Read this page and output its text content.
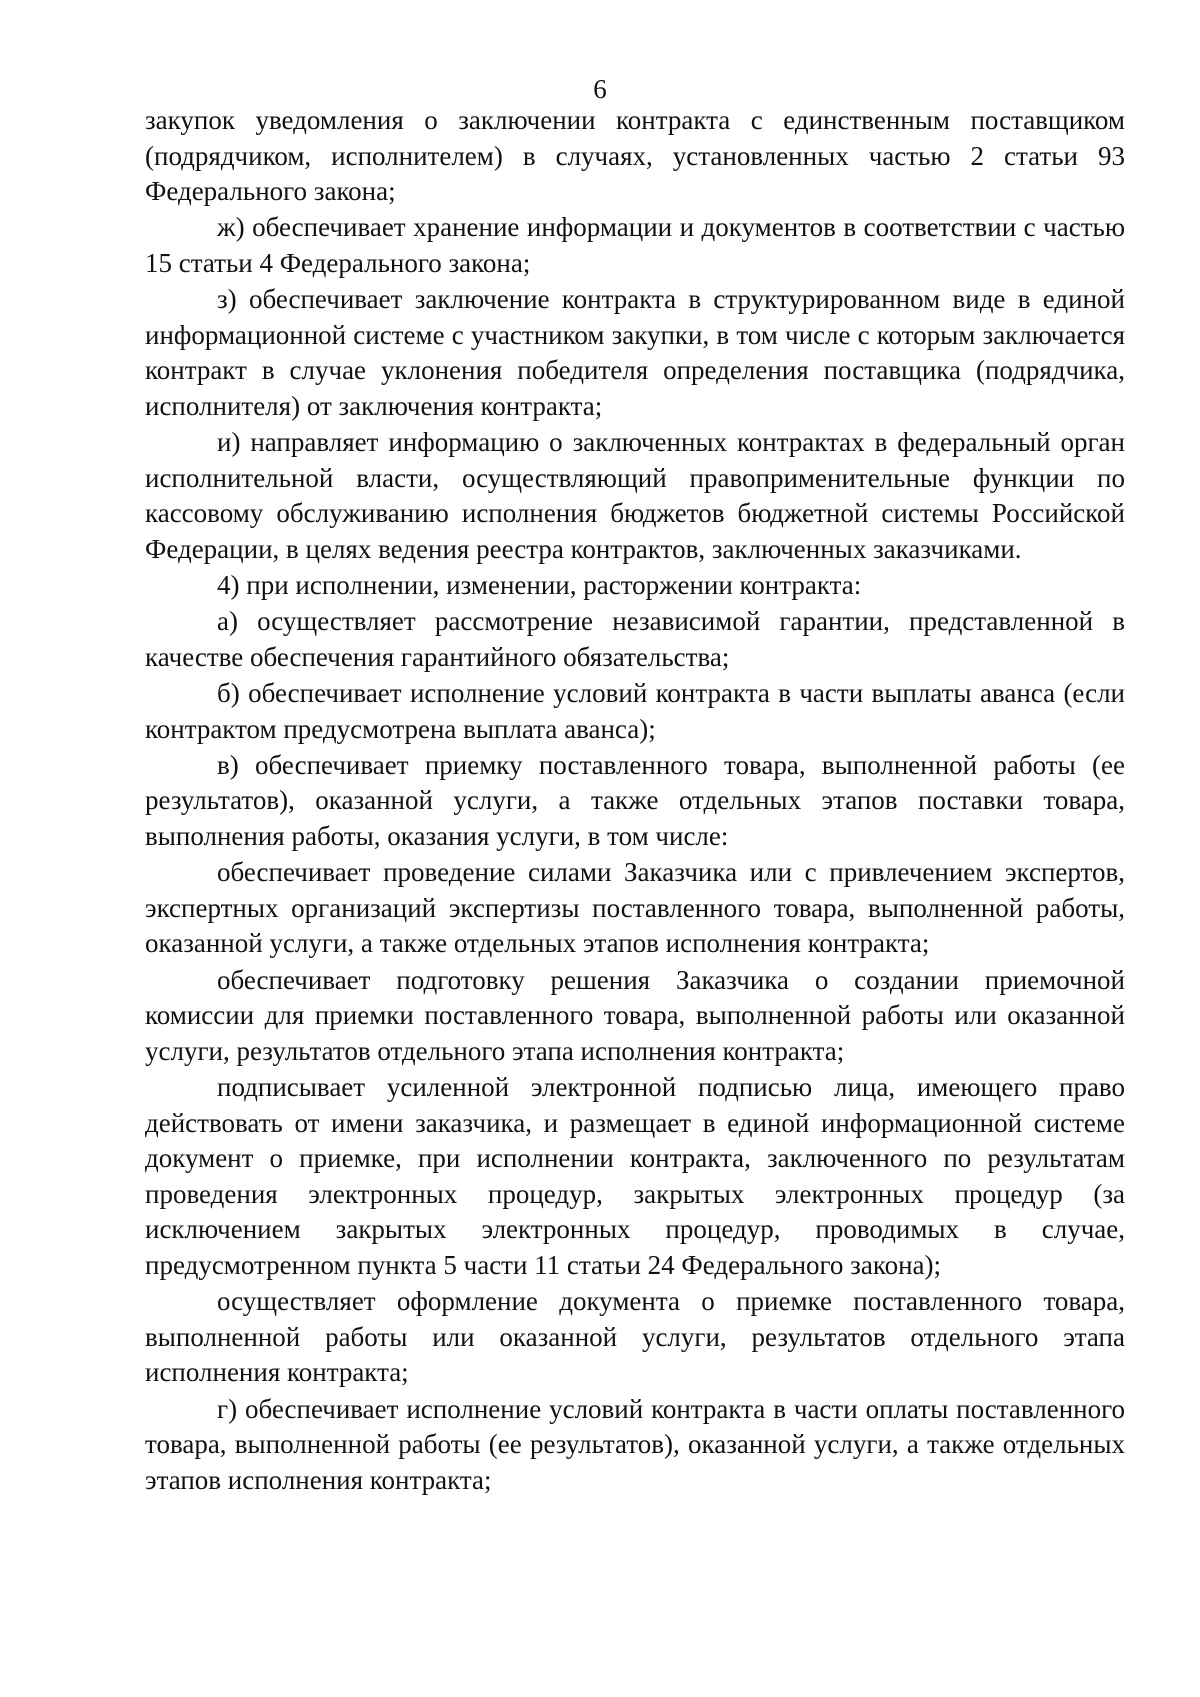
6

закупок уведомления о заключении контракта с единственным поставщиком (подрядчиком, исполнителем) в случаях, установленных частью 2 статьи 93 Федерального закона;

ж) обеспечивает хранение информации и документов в соответствии с частью 15 статьи 4 Федерального закона;

з) обеспечивает заключение контракта в структурированном виде в единой информационной системе с участником закупки, в том числе с которым заключается контракт в случае уклонения победителя определения поставщика (подрядчика, исполнителя) от заключения контракта;

и) направляет информацию о заключенных контрактах в федеральный орган исполнительной власти, осуществляющий правоприменительные функции по кассовому обслуживанию исполнения бюджетов бюджетной системы Российской Федерации, в целях ведения реестра контрактов, заключенных заказчиками.

4) при исполнении, изменении, расторжении контракта:

а) осуществляет рассмотрение независимой гарантии, представленной в качестве обеспечения гарантийного обязательства;

б) обеспечивает исполнение условий контракта в части выплаты аванса (если контрактом предусмотрена выплата аванса);

в) обеспечивает приемку поставленного товара, выполненной работы (ее результатов), оказанной услуги, а также отдельных этапов поставки товара, выполнения работы, оказания услуги, в том числе:

обеспечивает проведение силами Заказчика или с привлечением экспертов, экспертных организаций экспертизы поставленного товара, выполненной работы, оказанной услуги, а также отдельных этапов исполнения контракта;

обеспечивает подготовку решения Заказчика о создании приемочной комиссии для приемки поставленного товара, выполненной работы или оказанной услуги, результатов отдельного этапа исполнения контракта;

подписывает усиленной электронной подписью лица, имеющего право действовать от имени заказчика, и размещает в единой информационной системе документ о приемке, при исполнении контракта, заключенного по результатам проведения электронных процедур, закрытых электронных процедур (за исключением закрытых электронных процедур, проводимых в случае, предусмотренном пункта 5 части 11 статьи 24 Федерального закона);

осуществляет оформление документа о приемке поставленного товара, выполненной работы или оказанной услуги, результатов отдельного этапа исполнения контракта;

г) обеспечивает исполнение условий контракта в части оплаты поставленного товара, выполненной работы (ее результатов), оказанной услуги, а также отдельных этапов исполнения контракта;
